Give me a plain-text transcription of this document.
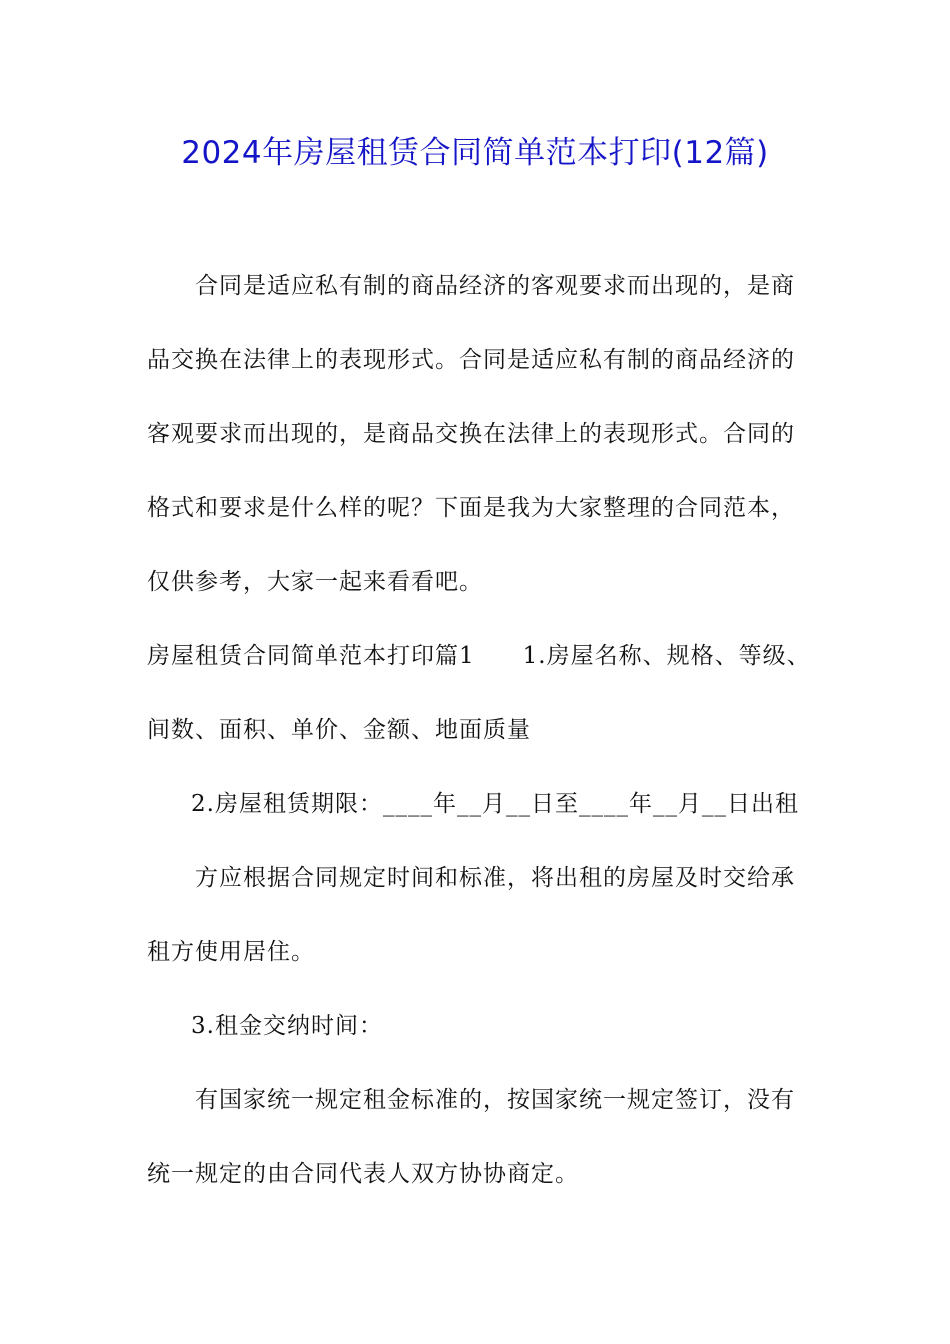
2024年房屋租赁合同简单范本打印(12篇)
合同是适应私有制的商品经济的客观要求而出现的，是商
品交换在法律上的表现形式。合同是适应私有制的商品经济的
客观要求而出现的，是商品交换在法律上的表现形式。合同的
格式和要求是什么样的呢？下面是我为大家整理的合同范本，
仅供参考，大家一起来看看吧。
房屋租赁合同简单范本打印篇1　　1.房屋名称、规格、等级、
间数、面积、单价、金额、地面质量
2.房屋租赁期限：____年__月__日至____年__月__日出租
方应根据合同规定时间和标准，将出租的房屋及时交给承
租方使用居住。
3.租金交纳时间：
有国家统一规定租金标准的，按国家统一规定签订，没有
统一规定的由合同代表人双方协协商定。
